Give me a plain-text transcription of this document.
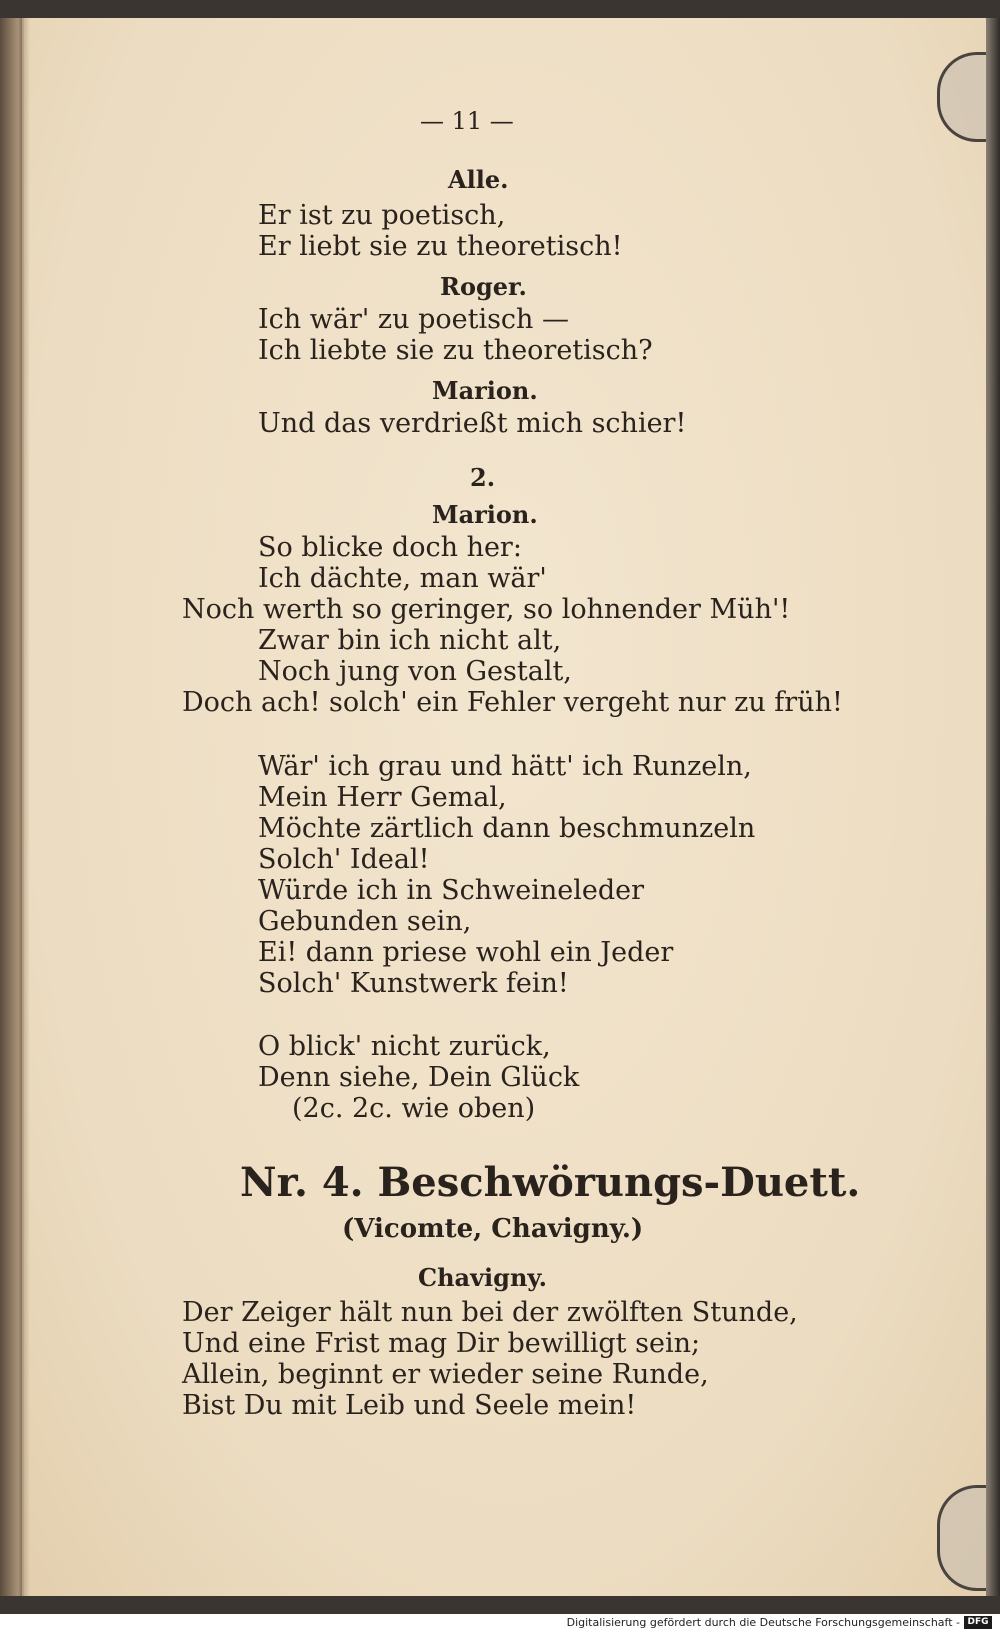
— 11 —

Alle.

Er ist zu poetisch,

Er liebt sie zu theoretisch!

Roger.

Ich wär' zu poetisch —

Ich liebte sie zu theoretisch?

Marion.

Und das verdrießt mich schier!

2.

Marion.

So blicke doch her:

Ich dächte, man wär'

Noch werth so geringer, so lohnender Müh'!

Zwar bin ich nicht alt,

Noch jung von Gestalt,

Doch ach! solch' ein Fehler vergeht nur zu früh!

Wär' ich grau und hätt' ich Runzeln,

Mein Herr Gemal,

Möchte zärtlich dann beschmunzeln

Solch' Ideal!

Würde ich in Schweineleder

Gebunden sein,

Ei! dann priese wohl ein Jeder

Solch' Kunstwerk fein!

O blick' nicht zurück,

Denn siehe, Dein Glück

(2c. 2c. wie oben)

Nr. 4. Beschwörungs-Duett.

(Vicomte, Chavigny.)

Chavigny.

Der Zeiger hält nun bei der zwölften Stunde,

Und eine Frist mag Dir bewilligt sein;

Allein, beginnt er wieder seine Runde,

Bist Du mit Leib und Seele mein!

Digitalisierung gefördert durch die Deutsche Forschungsgemeinschaft - DFG
